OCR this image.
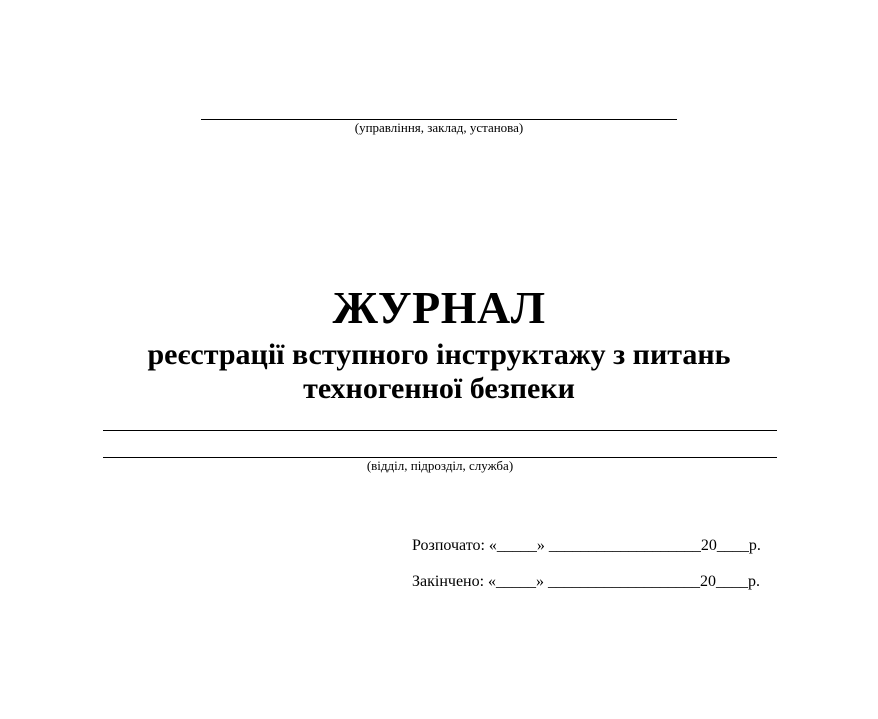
(управління, заклад, установа)
ЖУРНАЛ
реєстрації вступного інструктажу з питань
техногенної безпеки
(відділ, підрозділ, служба)
Розпочато: «_____» ___________________20____р.
Закінчено: «_____» ___________________20____р.
